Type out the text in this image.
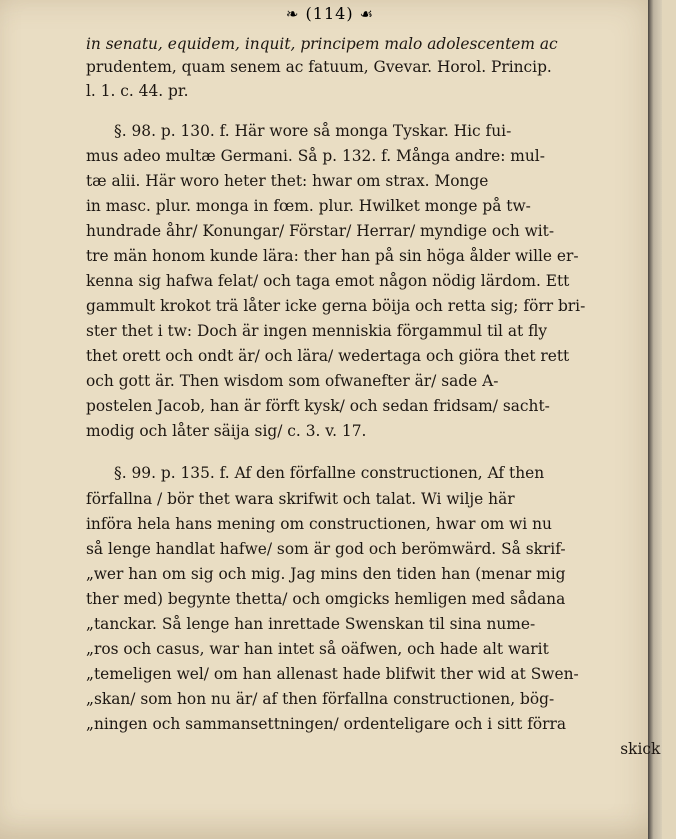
❧ (114) ☙
in senatu, equidem, inquit, principem malo adolescentem ac
prudentem, quam senem ac fatuum, Gvevar. Horol. Princip.
l. 1. c. 44. pr.
§. 98. p. 130. f. Här wore så monga Tyskar. Hic fui-
mus adeo multæ Germani. Så p. 132. f. Många andre: mul-
tæ alii. Här woro heter thet: hwar om strax. Monge
in masc. plur. monga in fœm. plur. Hwilket monge på tw-
hundrade åhr/ Konungar/ Förstar/ Herrar/ myndige och wit-
tre män honom kunde lära: ther han på sin höga ålder wille er-
kenna sig hafwa felat/ och taga emot någon nödig lärdom. Ett
gammult krokot trä låter icke gerna böija och retta sig; förr bri-
ster thet i tw: Doch är ingen menniskia förgammul til at fly
thet orett och ondt är/ och lära/ wedertaga och giöra thet rett
och gott är. Then wisdom som ofwanefter är/ sade A-
postelen Jacob, han är förft kysk/ och sedan fridsam/ sacht-
modig och låter säija sig/ c. 3. v. 17.
§. 99. p. 135. f. Af den förfallne constructionen, Af then
förfallna / bör thet wara skrifwit och talat. Wi wilje här
införa hela hans mening om constructionen, hwar om wi nu
så lenge handlat hafwe/ som är god och berömwärd. Så skrif-
„wer han om sig och mig. Jag mins den tiden han (menar mig
ther med) begynte thetta/ och omgicks hemligen med sådana
„tanckar. Så lenge han inrettade Swenskan til sina nume-
„ros och casus, war han intet så oäfwen, och hade alt warit
„temeligen wel/ om han allenast hade blifwit ther wid at Swen-
„skan/ som hon nu är/ af then förfallna constructionen, bög-
„ningen och sammansettningen/ ordenteligare och i sitt förra
skick
